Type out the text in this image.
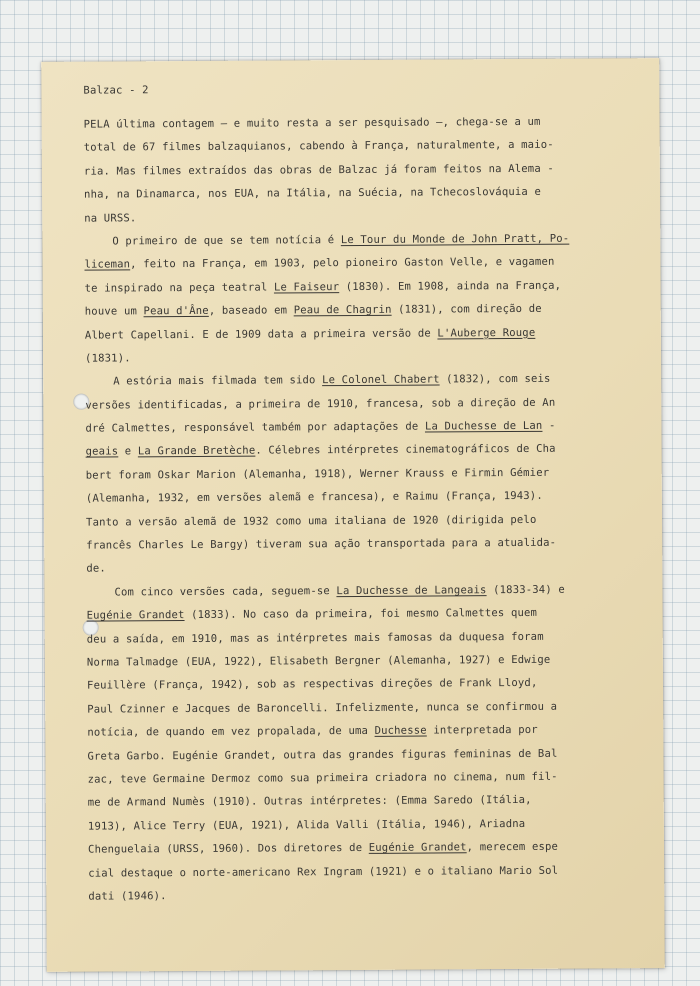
Balzac - 2
PELA última contagem — e muito resta a ser pesquisado —, chega-se a um
total de 67 filmes balzaquianos, cabendo à França, naturalmente, a maio-
ria. Mas filmes extraídos das obras de Balzac já foram feitos na Alema -
nha, na Dinamarca, nos EUA, na Itália, na Suécia, na Tchecoslováquia e
na URSS.
O primeiro de que se tem notícia é Le Tour du Monde de John Pratt, Po-
liceman, feito na França, em 1903, pelo pioneiro Gaston Velle, e vagamen
te inspirado na peça teatral Le Faiseur (1830). Em 1908, ainda na França,
houve um Peau d'Âne, baseado em Peau de Chagrin (1831), com direção de
Albert Capellani. E de 1909 data a primeira versão de L'Auberge Rouge
(1831).
A estória mais filmada tem sido Le Colonel Chabert (1832), com seis
versões identificadas, a primeira de 1910, francesa, sob a direção de An
dré Calmettes, responsável também por adaptações de La Duchesse de Lan -
geais e La Grande Bretèche. Célebres intérpretes cinematográficos de Cha
bert foram Oskar Marion (Alemanha, 1918), Werner Krauss e Firmin Gémier
(Alemanha, 1932, em versões alemã e francesa), e Raimu (França, 1943).
Tanto a versão alemã de 1932 como uma italiana de 1920 (dirigida pelo
francês Charles Le Bargy) tiveram sua ação transportada para a atualida-
de.
Com cinco versões cada, seguem-se La Duchesse de Langeais (1833-34) e
Eugénie Grandet (1833). No caso da primeira, foi mesmo Calmettes quem
deu a saída, em 1910, mas as intérpretes mais famosas da duquesa foram
Norma Talmadge (EUA, 1922), Elisabeth Bergner (Alemanha, 1927) e Edwige
Feuillère (França, 1942), sob as respectivas direções de Frank Lloyd,
Paul Czinner e Jacques de Baroncelli. Infelizmente, nunca se confirmou a
notícia, de quando em vez propalada, de uma Duchesse interpretada por
Greta Garbo. Eugénie Grandet, outra das grandes figuras femininas de Bal
zac, teve Germaine Dermoz como sua primeira criadora no cinema, num fil-
me de Armand Numès (1910). Outras intérpretes: (Emma Saredo (Itália,
1913), Alice Terry (EUA, 1921), Alida Valli (Itália, 1946), Ariadna
Chenguelaia (URSS, 1960). Dos diretores de Eugénie Grandet, merecem espe
cial destaque o norte-americano Rex Ingram (1921) e o italiano Mario Sol
dati (1946).
